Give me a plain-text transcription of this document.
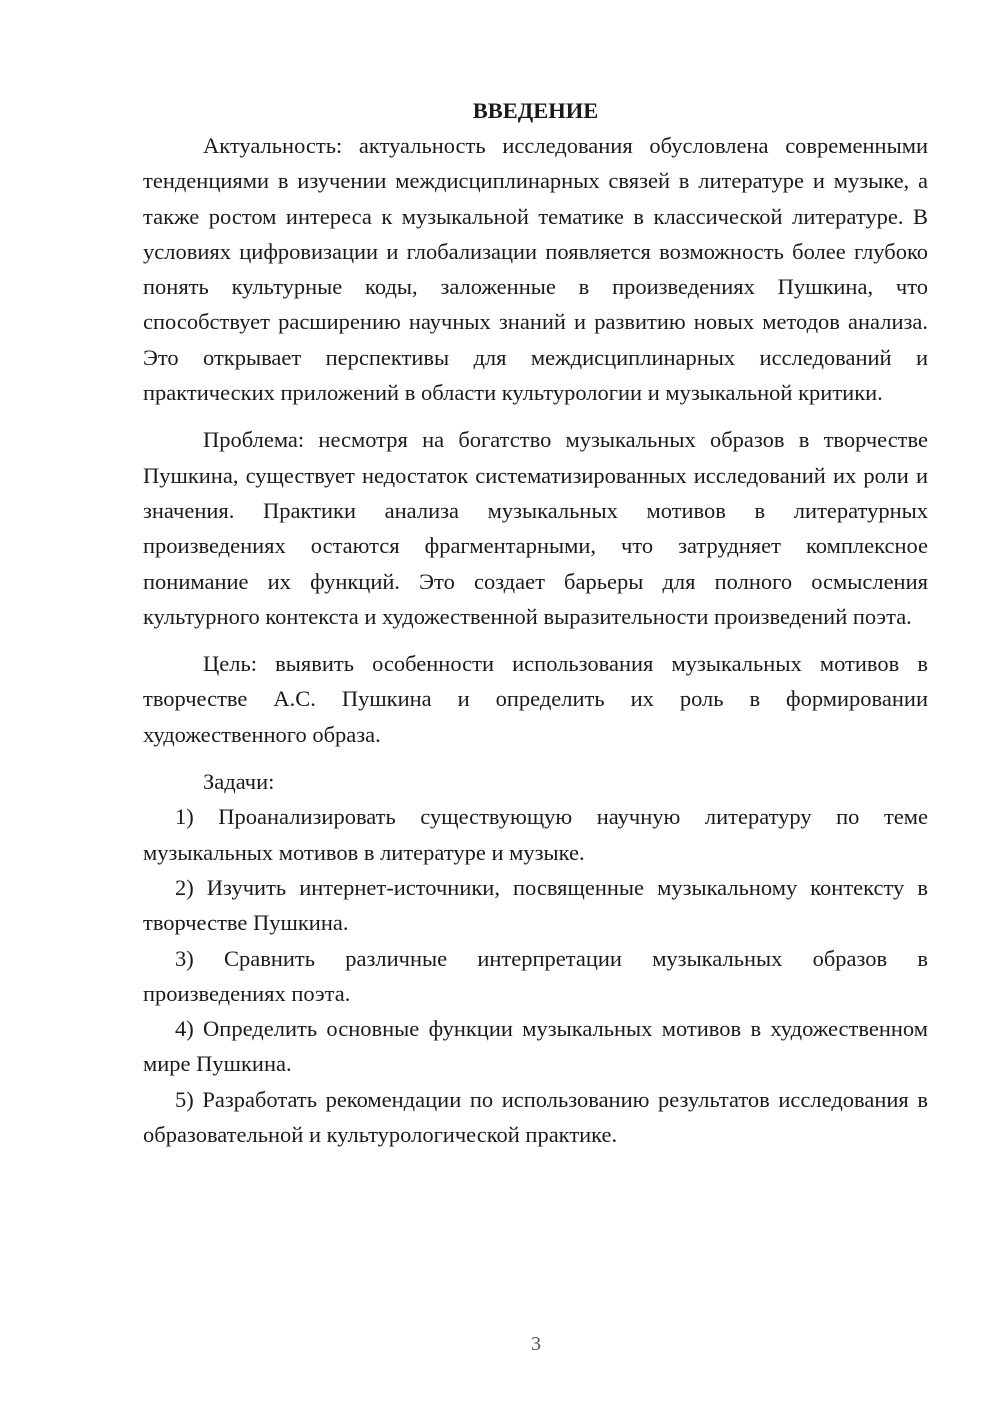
ВВЕДЕНИЕ

Актуальность: актуальность исследования обусловлена современными тенденциями в изучении междисциплинарных связей в литературе и музыке, а также ростом интереса к музыкальной тематике в классической литературе. В условиях цифровизации и глобализации появляется возможность более глубоко понять культурные коды, заложенные в произведениях Пушкина, что способствует расширению научных знаний и развитию новых методов анализа. Это открывает перспективы для междисциплинарных исследований и практических приложений в области культурологии и музыкальной критики.

Проблема: несмотря на богатство музыкальных образов в творчестве Пушкина, существует недостаток систематизированных исследований их роли и значения. Практики анализа музыкальных мотивов в литературных произведениях остаются фрагментарными, что затрудняет комплексное понимание их функций. Это создает барьеры для полного осмысления культурного контекста и художественной выразительности произведений поэта.

Цель: выявить особенности использования музыкальных мотивов в творчестве А.С. Пушкина и определить их роль в формировании художественного образа.

Задачи:

1) Проанализировать существующую научную литературу по теме музыкальных мотивов в литературе и музыке.

2) Изучить интернет-источники, посвященные музыкальному контексту в творчестве Пушкина.

3) Сравнить различные интерпретации музыкальных образов в произведениях поэта.

4) Определить основные функции музыкальных мотивов в художественном мире Пушкина.

5) Разработать рекомендации по использованию результатов исследования в образовательной и культурологической практике.

3
